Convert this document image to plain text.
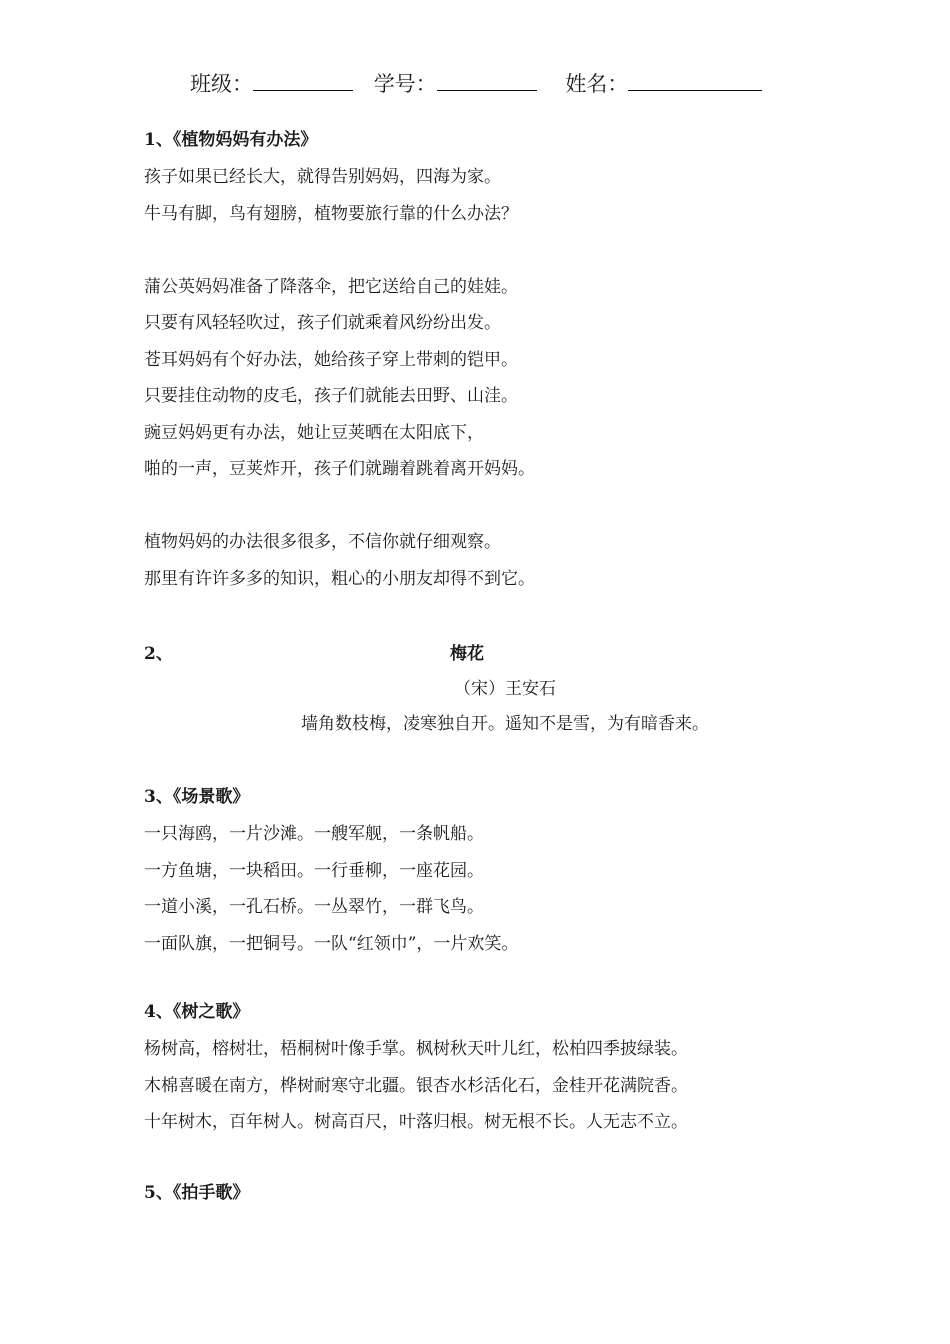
班级：	学号：	姓名：
1、《植物妈妈有办法》
孩子如果已经长大，就得告别妈妈，四海为家。
牛马有脚，鸟有翅膀，植物要旅行靠的什么办法？
蒲公英妈妈准备了降落伞，把它送给自己的娃娃。
只要有风轻轻吹过，孩子们就乘着风纷纷出发。
苍耳妈妈有个好办法，她给孩子穿上带刺的铠甲。
只要挂住动物的皮毛，孩子们就能去田野、山洼。
豌豆妈妈更有办法，她让豆荚晒在太阳底下，
啪的一声，豆荚炸开，孩子们就蹦着跳着离开妈妈。
植物妈妈的办法很多很多，不信你就仔细观察。
那里有许许多多的知识，粗心的小朋友却得不到它。
2、	梅花
（宋）王安石
墙角数枝梅，凌寒独自开。遥知不是雪，为有暗香来。
3、《场景歌》
一只海鸥，一片沙滩。一艘军舰，一条帆船。
一方鱼塘，一块稻田。一行垂柳，一座花园。
一道小溪，一孔石桥。一丛翠竹，一群飞鸟。
一面队旗，一把铜号。一队“红领巾”，一片欢笑。
4、《树之歌》
杨树高，榕树壮，梧桐树叶像手掌。枫树秋天叶儿红，松柏四季披绿装。
木棉喜暖在南方，桦树耐寒守北疆。银杏水杉活化石，金桂开花满院香。
十年树木，百年树人。树高百尺，叶落归根。树无根不长。人无志不立。
5、《拍手歌》
